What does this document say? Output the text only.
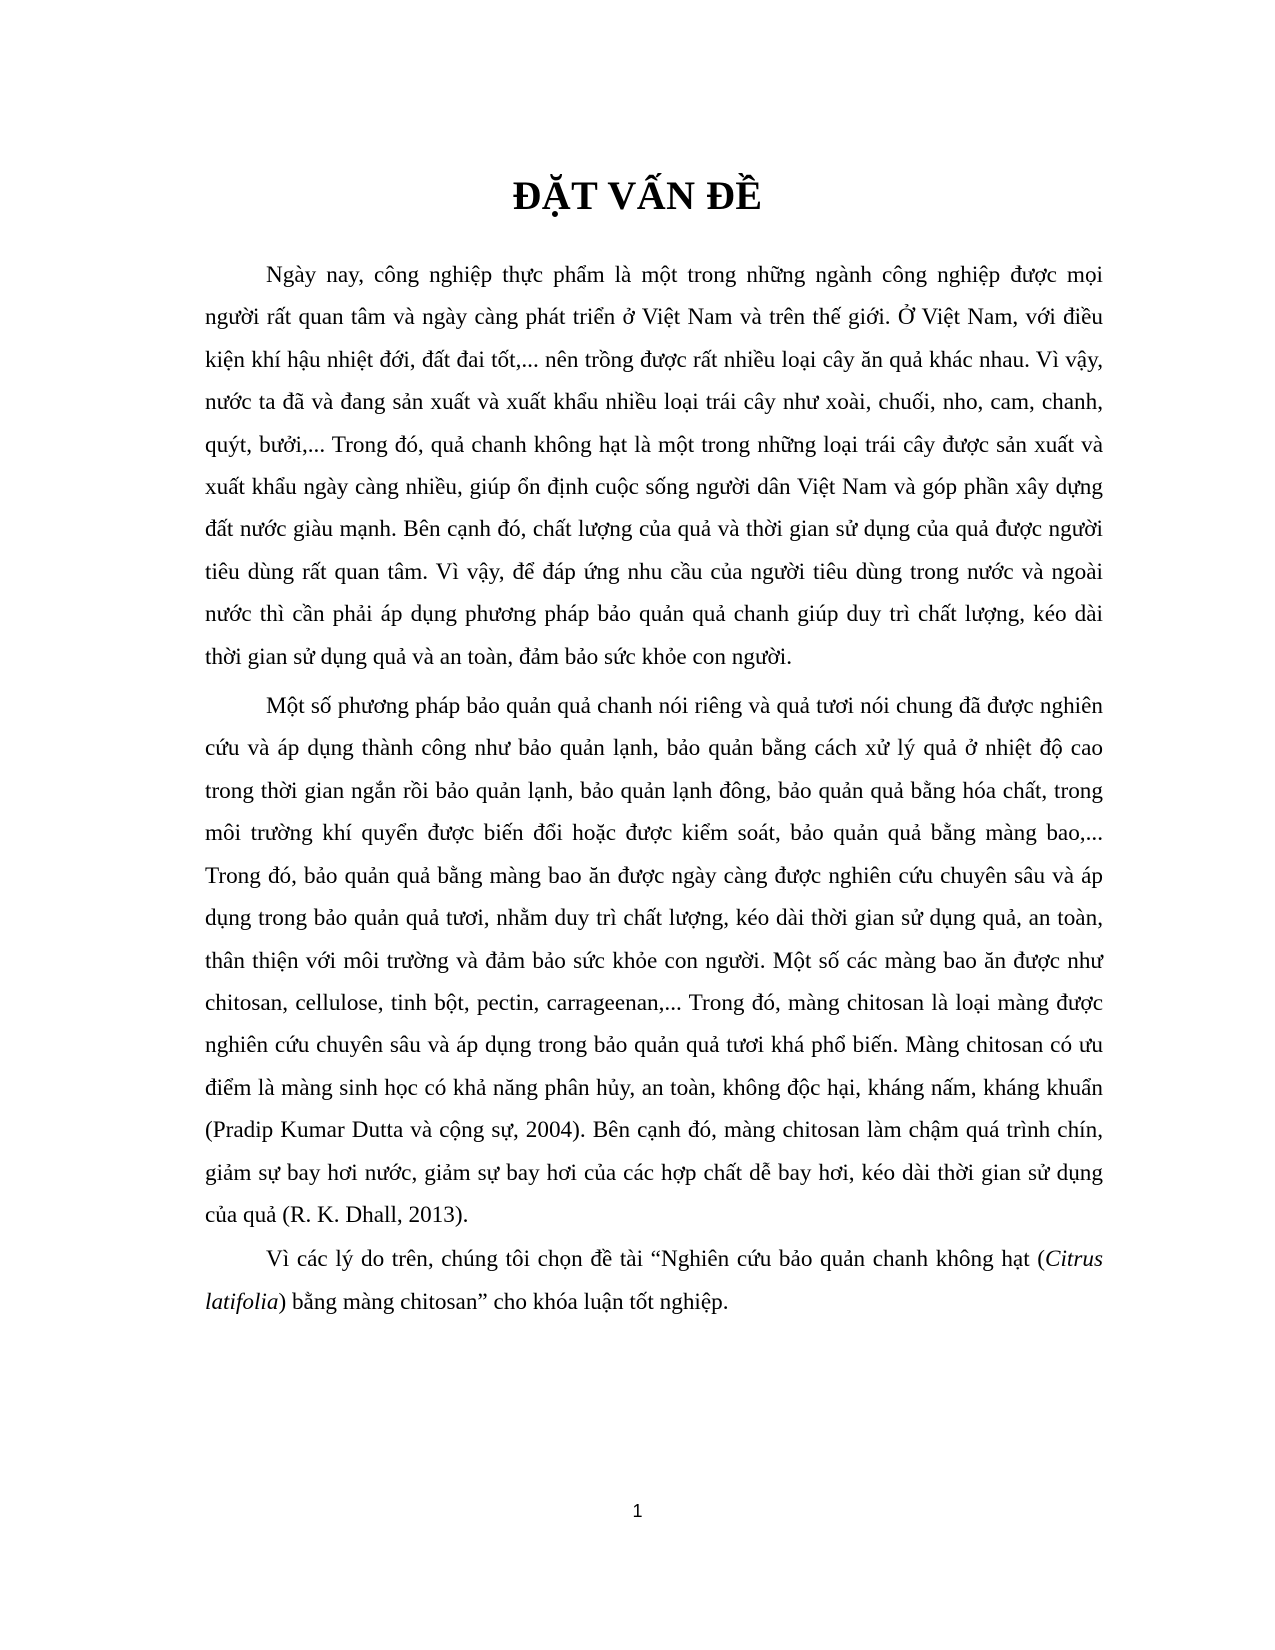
ĐẶT VẤN ĐỀ

Ngày nay, công nghiệp thực phẩm là một trong những ngành công nghiệp được mọi người rất quan tâm và ngày càng phát triển ở Việt Nam và trên thế giới. Ở Việt Nam, với điều kiện khí hậu nhiệt đới, đất đai tốt,... nên trồng được rất nhiều loại cây ăn quả khác nhau. Vì vậy, nước ta đã và đang sản xuất và xuất khẩu nhiều loại trái cây như xoài, chuối, nho, cam, chanh, quýt, bưởi,... Trong đó, quả chanh không hạt là một trong những loại trái cây được sản xuất và xuất khẩu ngày càng nhiều, giúp ổn định cuộc sống người dân Việt Nam và góp phần xây dựng đất nước giàu mạnh. Bên cạnh đó, chất lượng của quả và thời gian sử dụng của quả được người tiêu dùng rất quan tâm. Vì vậy, để đáp ứng nhu cầu của người tiêu dùng trong nước và ngoài nước thì cần phải áp dụng phương pháp bảo quản quả chanh giúp duy trì chất lượng, kéo dài thời gian sử dụng quả và an toàn, đảm bảo sức khỏe con người.

Một số phương pháp bảo quản quả chanh nói riêng và quả tươi nói chung đã được nghiên cứu và áp dụng thành công như bảo quản lạnh, bảo quản bằng cách xử lý quả ở nhiệt độ cao trong thời gian ngắn rồi bảo quản lạnh, bảo quản lạnh đông, bảo quản quả bằng hóa chất, trong môi trường khí quyển được biến đổi hoặc được kiểm soát, bảo quản quả bằng màng bao,... Trong đó, bảo quản quả bằng màng bao ăn được ngày càng được nghiên cứu chuyên sâu và áp dụng trong bảo quản quả tươi, nhằm duy trì chất lượng, kéo dài thời gian sử dụng quả, an toàn, thân thiện với môi trường và đảm bảo sức khỏe con người. Một số các màng bao ăn được như chitosan, cellulose, tinh bột, pectin, carrageenan,... Trong đó, màng chitosan là loại màng được nghiên cứu chuyên sâu và áp dụng trong bảo quản quả tươi khá phổ biến. Màng chitosan có ưu điểm là màng sinh học có khả năng phân hủy, an toàn, không độc hại, kháng nấm, kháng khuẩn (Pradip Kumar Dutta và cộng sự, 2004). Bên cạnh đó, màng chitosan làm chậm quá trình chín, giảm sự bay hơi nước, giảm sự bay hơi của các hợp chất dễ bay hơi, kéo dài thời gian sử dụng của quả (R. K. Dhall, 2013).

Vì các lý do trên, chúng tôi chọn đề tài “Nghiên cứu bảo quản chanh không hạt (Citrus latifolia) bằng màng chitosan” cho khóa luận tốt nghiệp.

1
